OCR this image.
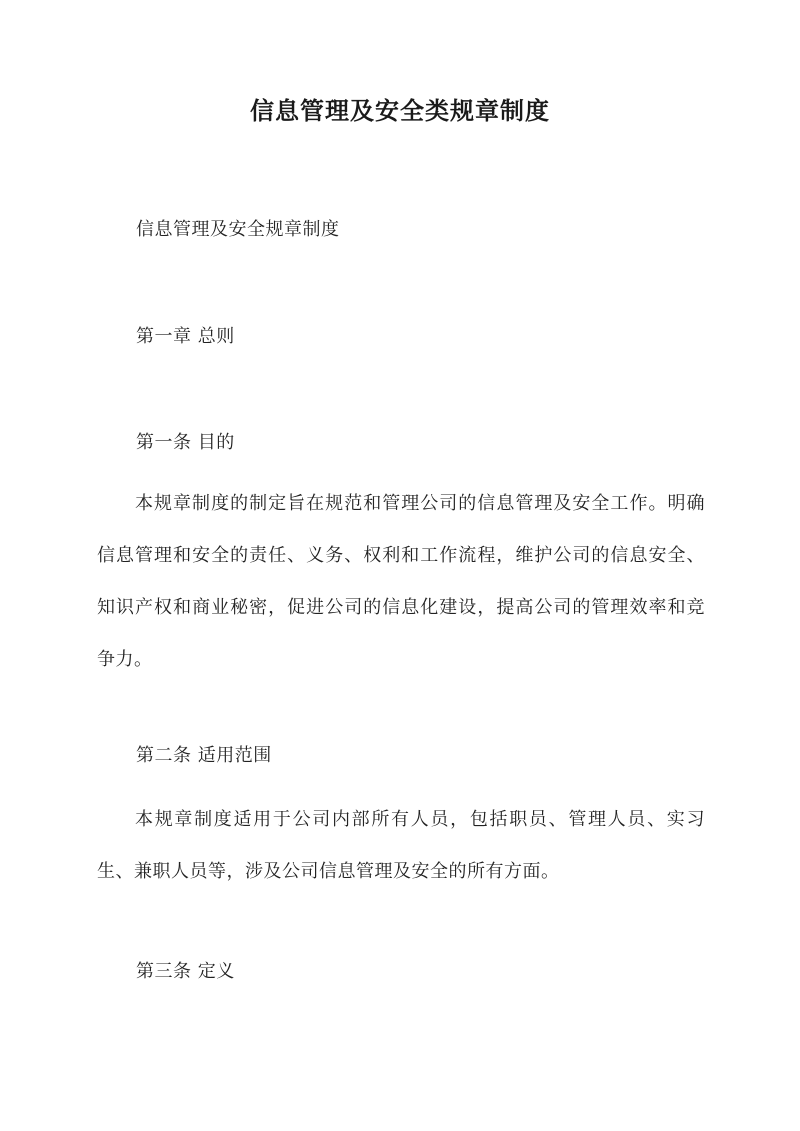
信息管理及安全类规章制度
信息管理及安全规章制度
第一章 总则
第一条 目的

本规章制度的制定旨在规范和管理公司的信息管理及安全工作。明确信息管理和安全的责任、义务、权利和工作流程，维护公司的信息安全、知识产权和商业秘密，促进公司的信息化建设，提高公司的管理效率和竞争力。

第二条 适用范围

本规章制度适用于公司内部所有人员，包括职员、管理人员、实习生、兼职人员等，涉及公司信息管理及安全的所有方面。

第三条 定义
